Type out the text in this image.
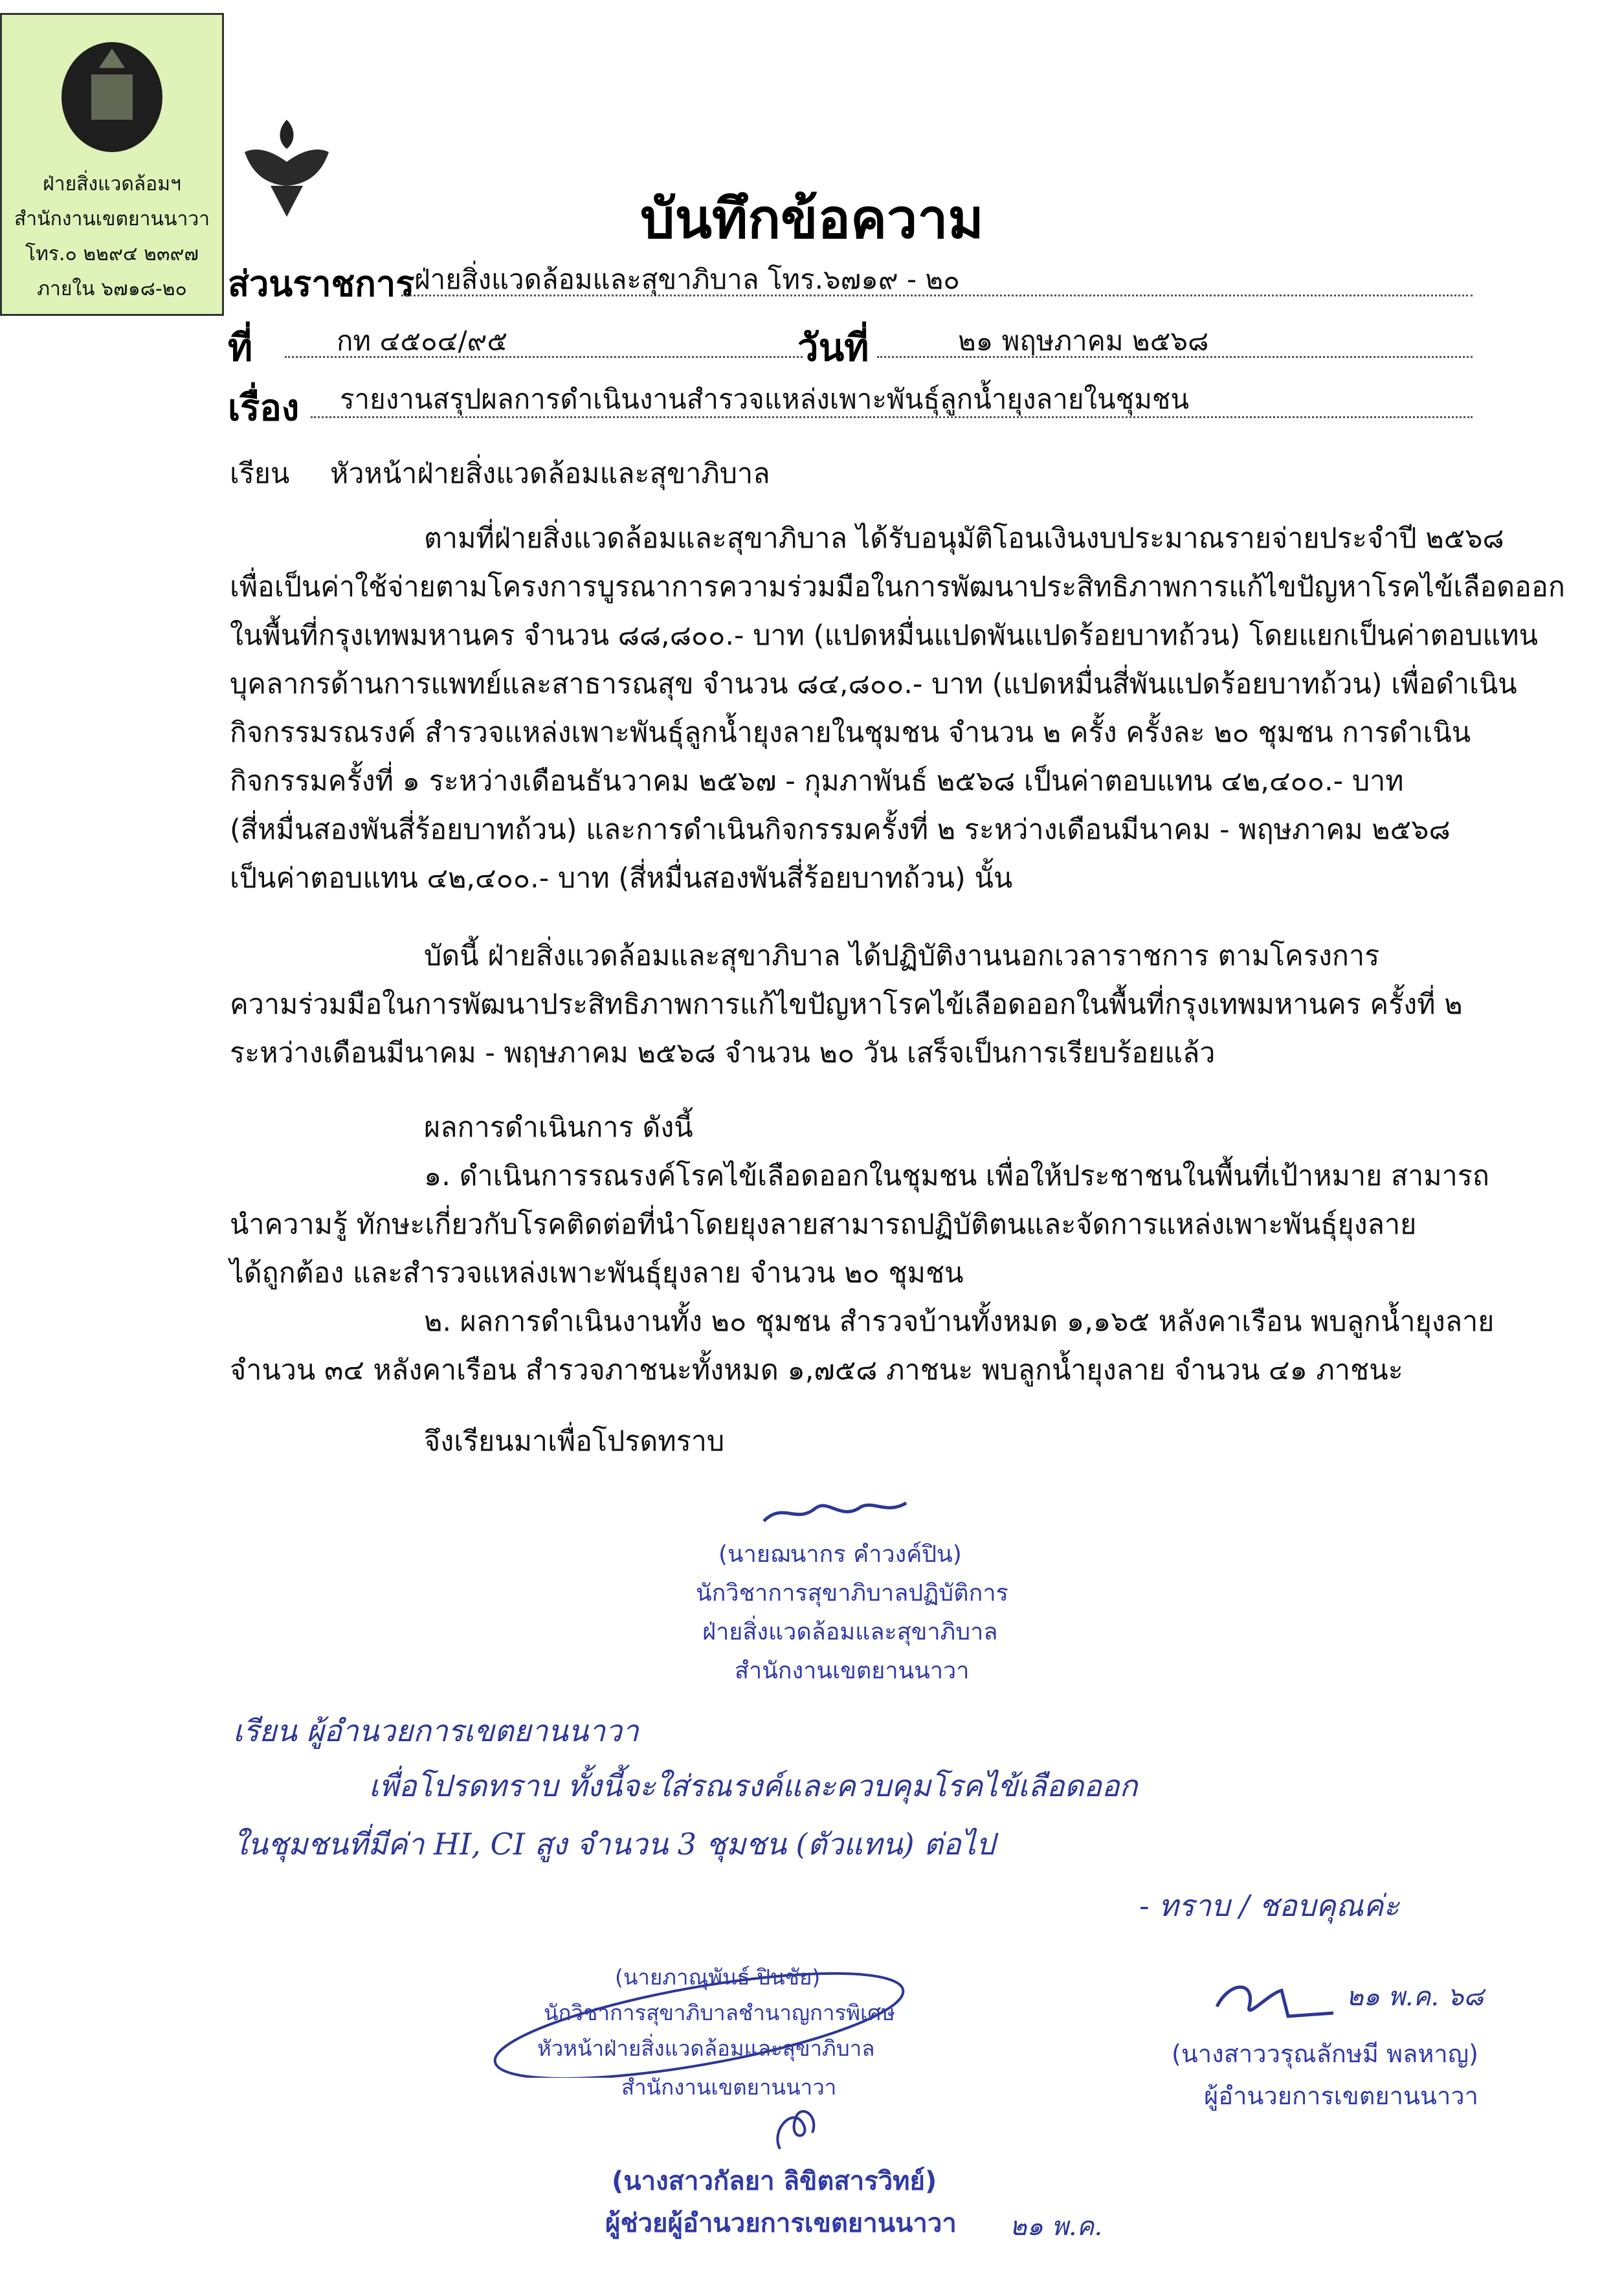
ฝ่ายสิ่งแวดล้อมฯ
สำนักงานเขตยานนาวา
โทร.๐ ๒๒๙๔ ๒๓๙๗
ภายใน ๖๗๑๘-๒๐
บันทึกข้อความ
ส่วนราชการ ฝ่ายสิ่งแวดล้อมและสุขาภิบาล โทร.๖๗๑๙ - ๒๐
ที่	กท ๔๕๐๔/๙๕	วันที่	๒๑ พฤษภาคม ๒๕๖๘
เรื่อง รายงานสรุปผลการดำเนินงานสำรวจแหล่งเพาะพันธุ์ลูกน้ำยุงลายในชุมชน
เรียน หัวหน้าฝ่ายสิ่งแวดล้อมและสุขาภิบาล
ตามที่ฝ่ายสิ่งแวดล้อมและสุขาภิบาล ได้รับอนุมัติโอนเงินงบประมาณรายจ่ายประจำปี ๒๕๖๘
เพื่อเป็นค่าใช้จ่ายตามโครงการบูรณาการความร่วมมือในการพัฒนาประสิทธิภาพการแก้ไขปัญหาโรคไข้เลือดออก
ในพื้นที่กรุงเทพมหานคร จำนวน ๘๘,๘๐๐.- บาท (แปดหมื่นแปดพันแปดร้อยบาทถ้วน) โดยแยกเป็นค่าตอบแทน
บุคลากรด้านการแพทย์และสาธารณสุข จำนวน ๘๔,๘๐๐.- บาท (แปดหมื่นสี่พันแปดร้อยบาทถ้วน) เพื่อดำเนิน
กิจกรรมรณรงค์ สำรวจแหล่งเพาะพันธุ์ลูกน้ำยุงลายในชุมชน จำนวน ๒ ครั้ง ครั้งละ ๒๐ ชุมชน การดำเนิน
กิจกรรมครั้งที่ ๑ ระหว่างเดือนธันวาคม ๒๕๖๗ - กุมภาพันธ์ ๒๕๖๘ เป็นค่าตอบแทน ๔๒,๔๐๐.- บาท
(สี่หมื่นสองพันสี่ร้อยบาทถ้วน) และการดำเนินกิจกรรมครั้งที่ ๒ ระหว่างเดือนมีนาคม - พฤษภาคม ๒๕๖๘
เป็นค่าตอบแทน ๔๒,๔๐๐.- บาท (สี่หมื่นสองพันสี่ร้อยบาทถ้วน) นั้น
บัดนี้ ฝ่ายสิ่งแวดล้อมและสุขาภิบาล ได้ปฏิบัติงานนอกเวลาราชการ ตามโครงการ
ความร่วมมือในการพัฒนาประสิทธิภาพการแก้ไขปัญหาโรคไข้เลือดออกในพื้นที่กรุงเทพมหานคร ครั้งที่ ๒
ระหว่างเดือนมีนาคม - พฤษภาคม ๒๕๖๘ จำนวน ๒๐ วัน เสร็จเป็นการเรียบร้อยแล้ว
ผลการดำเนินการ ดังนี้
๑. ดำเนินการรณรงค์โรคไข้เลือดออกในชุมชน เพื่อให้ประชาชนในพื้นที่เป้าหมาย สามารถ
นำความรู้ ทักษะเกี่ยวกับโรคติดต่อที่นำโดยยุงลายสามารถปฏิบัติตนและจัดการแหล่งเพาะพันธุ์ยุงลาย
ได้ถูกต้อง และสำรวจแหล่งเพาะพันธุ์ยุงลาย จำนวน ๒๐ ชุมชน
๒. ผลการดำเนินงานทั้ง ๒๐ ชุมชน สำรวจบ้านทั้งหมด ๑,๑๖๕ หลังคาเรือน พบลูกน้ำยุงลาย
จำนวน ๓๔ หลังคาเรือน สำรวจภาชนะทั้งหมด ๑,๗๕๘ ภาชนะ พบลูกน้ำยุงลาย จำนวน ๔๑ ภาชนะ
จึงเรียนมาเพื่อโปรดทราบ
(นายฌนากร คำวงค์ปิน)
นักวิชาการสุขาภิบาลปฏิบัติการ
ฝ่ายสิ่งแวดล้อมและสุขาภิบาล
สำนักงานเขตยานนาวา
เรียน ผู้อำนวยการเขตยานนาวา
เพื่อโปรดทราบ ทั้งนี้จะใส่รณรงค์และควบคุมโรคไข้เลือดออก
ในชุมชนที่มีค่า HI, CI สูง จำนวน 3 ชุมชน (ตัวแทน) ต่อไป
- ทราบ / ชอบคุณค่ะ
(นายภาณุพันธ์ ปินชัย)
นักวิชาการสุขาภิบาลชำนาญการพิเศษ
หัวหน้าฝ่ายสิ่งแวดล้อมและสุขาภิบาล
สำนักงานเขตยานนาวา
๒๑ พ.ค. ๖๘
(นางสาววรุณลักษมี พลหาญ)
ผู้อำนวยการเขตยานนาวา
(นางสาวกัลยา ลิขิตสารวิทย์)
ผู้ช่วยผู้อำนวยการเขตยานนาวา ๒๑ พ.ค.
